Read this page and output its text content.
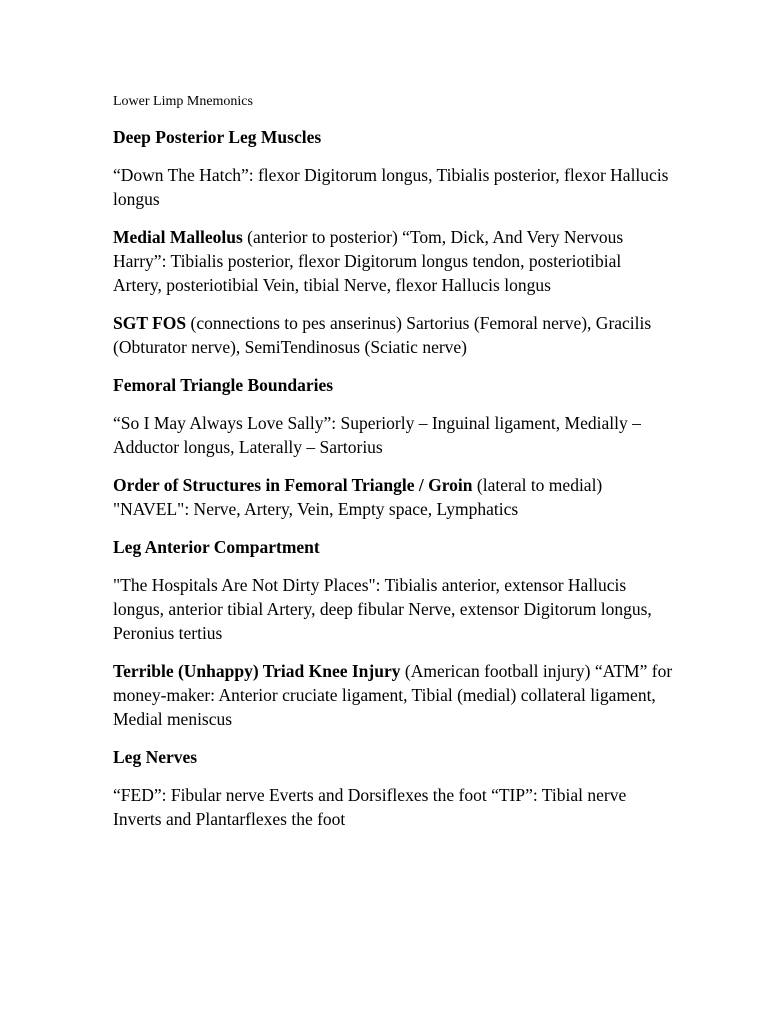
Lower Limp Mnemonics
Deep Posterior Leg Muscles
“Down The Hatch”: flexor Digitorum longus, Tibialis posterior, flexor Hallucis longus
Medial Malleolus (anterior to posterior) “Tom, Dick, And Very Nervous Harry”: Tibialis posterior, flexor Digitorum longus tendon, posteriotibial Artery, posteriotibial Vein, tibial Nerve, flexor Hallucis longus
SGT FOS (connections to pes anserinus) Sartorius (Femoral nerve), Gracilis (Obturator nerve), SemiTendinosus (Sciatic nerve)
Femoral Triangle Boundaries
“So I May Always Love Sally”: Superiorly – Inguinal ligament, Medially – Adductor longus, Laterally – Sartorius
Order of Structures in Femoral Triangle / Groin (lateral to medial) "NAVEL": Nerve, Artery, Vein, Empty space, Lymphatics
Leg Anterior Compartment
"The Hospitals Are Not Dirty Places": Tibialis anterior, extensor Hallucis longus, anterior tibial Artery, deep fibular Nerve, extensor Digitorum longus, Peronius tertius
Terrible (Unhappy) Triad Knee Injury (American football injury) “ATM” for money-maker: Anterior cruciate ligament, Tibial (medial) collateral ligament, Medial meniscus
Leg Nerves
“FED”: Fibular nerve Everts and Dorsiflexes the foot “TIP”: Tibial nerve Inverts and Plantarflexes the foot
